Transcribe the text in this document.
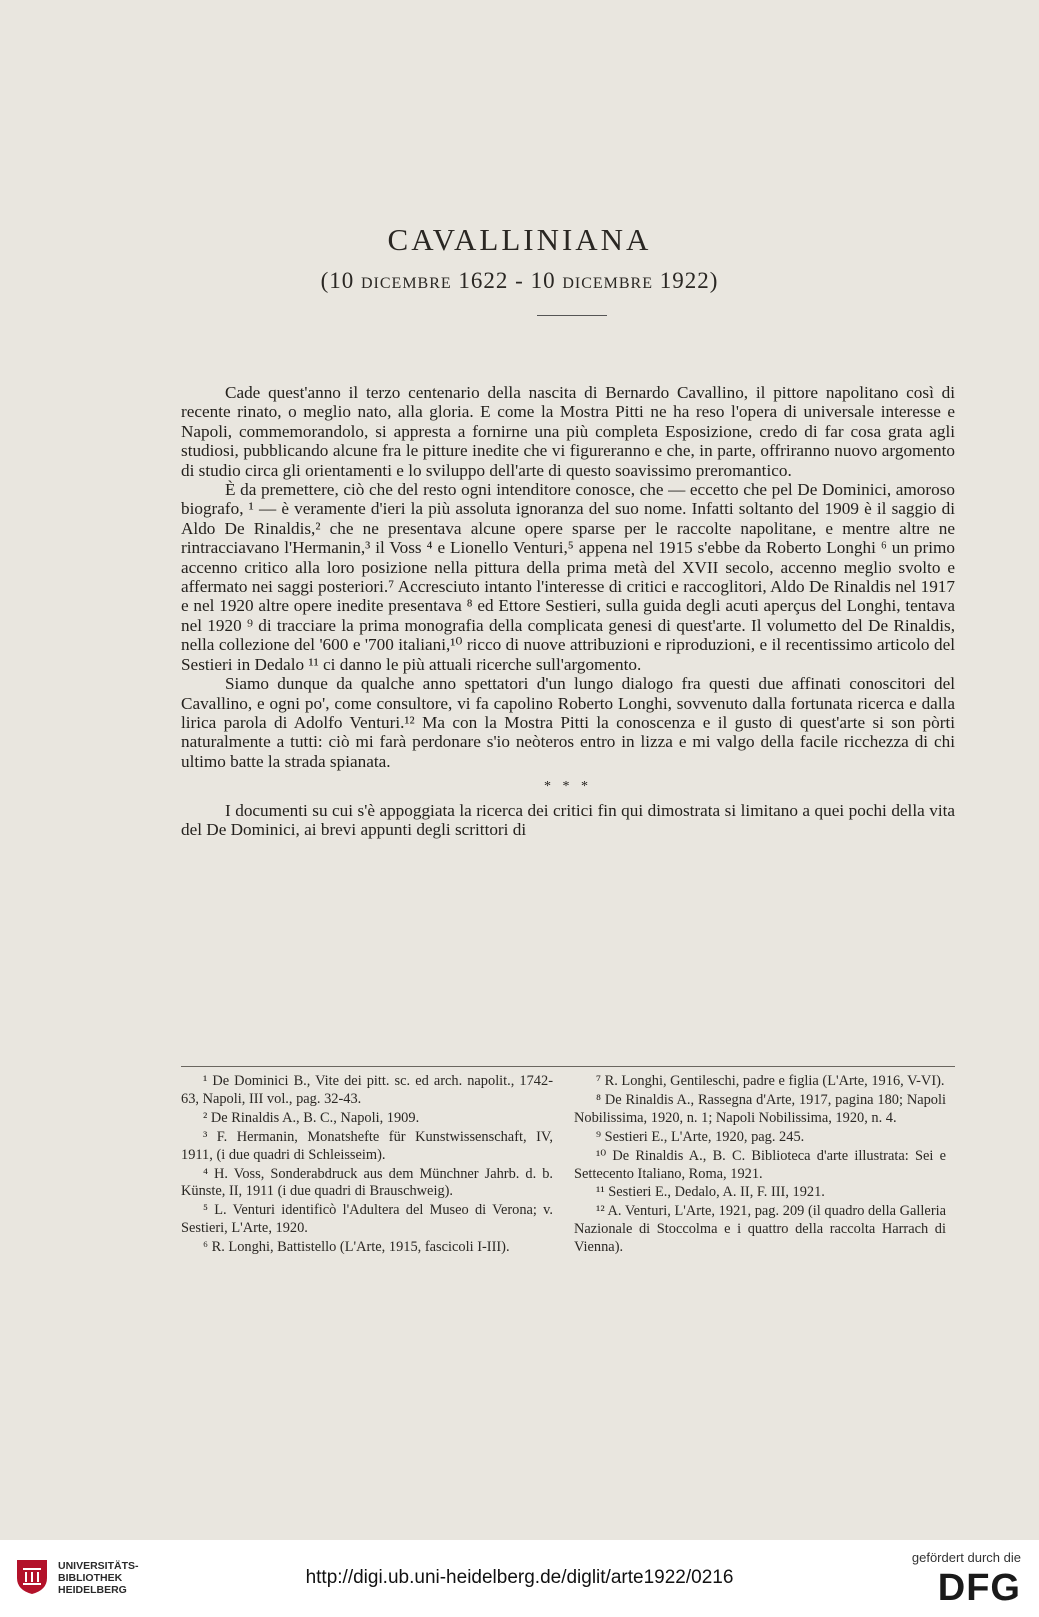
CAVALLINIANA
(10 dicembre 1622 - 10 dicembre 1922)

Cade quest'anno il terzo centenario della nascita di Bernardo Cavallino, il pittore napolitano così di recente rinato, o meglio nato, alla gloria. E come la Mostra Pitti ne ha reso l'opera di universale interesse e Napoli, commemorandolo, si appresta a fornirne una più completa Esposizione, credo di far cosa grata agli studiosi, pubblicando alcune fra le pitture inedite che vi figureranno e che, in parte, offriranno nuovo argomento di studio circa gli orientamenti e lo sviluppo dell'arte di questo soavissimo preromantico.

È da premettere, ciò che del resto ogni intenditore conosce, che — eccetto che pel De Dominici, amoroso biografo, ¹ — è veramente d'ieri la più assoluta ignoranza del suo nome. Infatti soltanto del 1909 è il saggio di Aldo De Rinaldis,² che ne presentava alcune opere sparse per le raccolte napolitane, e mentre altre ne rintracciavano l'Hermanin,³ il Voss ⁴ e Lionello Venturi,⁵ appena nel 1915 s'ebbe da Roberto Longhi ⁶ un primo accenno critico alla loro posizione nella pittura della prima metà del XVII secolo, accenno meglio svolto e affermato nei saggi posteriori.⁷ Accresciuto intanto l'interesse di critici e raccoglitori, Aldo De Rinaldis nel 1917 e nel 1920 altre opere inedite presentava ⁸ ed Ettore Sestieri, sulla guida degli acuti aperçus del Longhi, tentava nel 1920 ⁹ di tracciare la prima monografia della complicata genesi di quest'arte. Il volumetto del De Rinaldis, nella collezione del '600 e '700 italiani,¹⁰ ricco di nuove attribuzioni e riproduzioni, e il recentissimo articolo del Sestieri in Dedalo ¹¹ ci danno le più attuali ricerche sull'argomento.

Siamo dunque da qualche anno spettatori d'un lungo dialogo fra questi due affinati conoscitori del Cavallino, e ogni po', come consultore, vi fa capolino Roberto Longhi, sovvenuto dalla fortunata ricerca e dalla lirica parola di Adolfo Venturi.¹² Ma con la Mostra Pitti la conoscenza e il gusto di quest'arte si son pòrti naturalmente a tutti: ciò mi farà perdonare s'io neòteros entro in lizza e mi valgo della facile ricchezza di chi ultimo batte la strada spianata.

* * *

I documenti su cui s'è appoggiata la ricerca dei critici fin qui dimostrata si limitano a quei pochi della vita del De Dominici, ai brevi appunti degli scrittori di

¹ De Dominici B., Vite dei pitt. sc. ed arch. napolit., 1742-63, Napoli, III vol., pag. 32-43.

² De Rinaldis A., B. C., Napoli, 1909.

³ F. Hermanin, Monatshefte für Kunstwissenschaft, IV, 1911, (i due quadri di Schleisseim).

⁴ H. Voss, Sonderabdruck aus dem Münchner Jahrb. d. b. Künste, II, 1911 (i due quadri di Brauschweig).

⁵ L. Venturi identificò l'Adultera del Museo di Verona; v. Sestieri, L'Arte, 1920.

⁶ R. Longhi, Battistello (L'Arte, 1915, fascicoli I-III).

⁷ R. Longhi, Gentileschi, padre e figlia (L'Arte, 1916, V-VI).

⁸ De Rinaldis A., Rassegna d'Arte, 1917, pagina 180; Napoli Nobilissima, 1920, n. 1; Napoli Nobilissima, 1920, n. 4.

⁹ Sestieri E., L'Arte, 1920, pag. 245.

¹⁰ De Rinaldis A., B. C. Biblioteca d'arte illustrata: Sei e Settecento Italiano, Roma, 1921.

¹¹ Sestieri E., Dedalo, A. II, F. III, 1921.

¹² A. Venturi, L'Arte, 1921, pag. 209 (il quadro della Galleria Nazionale di Stoccolma e i quattro della raccolta Harrach di Vienna).

UNIVERSITÄTS-
BIBLIOTHEK
HEIDELBERG
http://digi.ub.uni-heidelberg.de/diglit/arte1922/0216
gefördert durch die
DFG
